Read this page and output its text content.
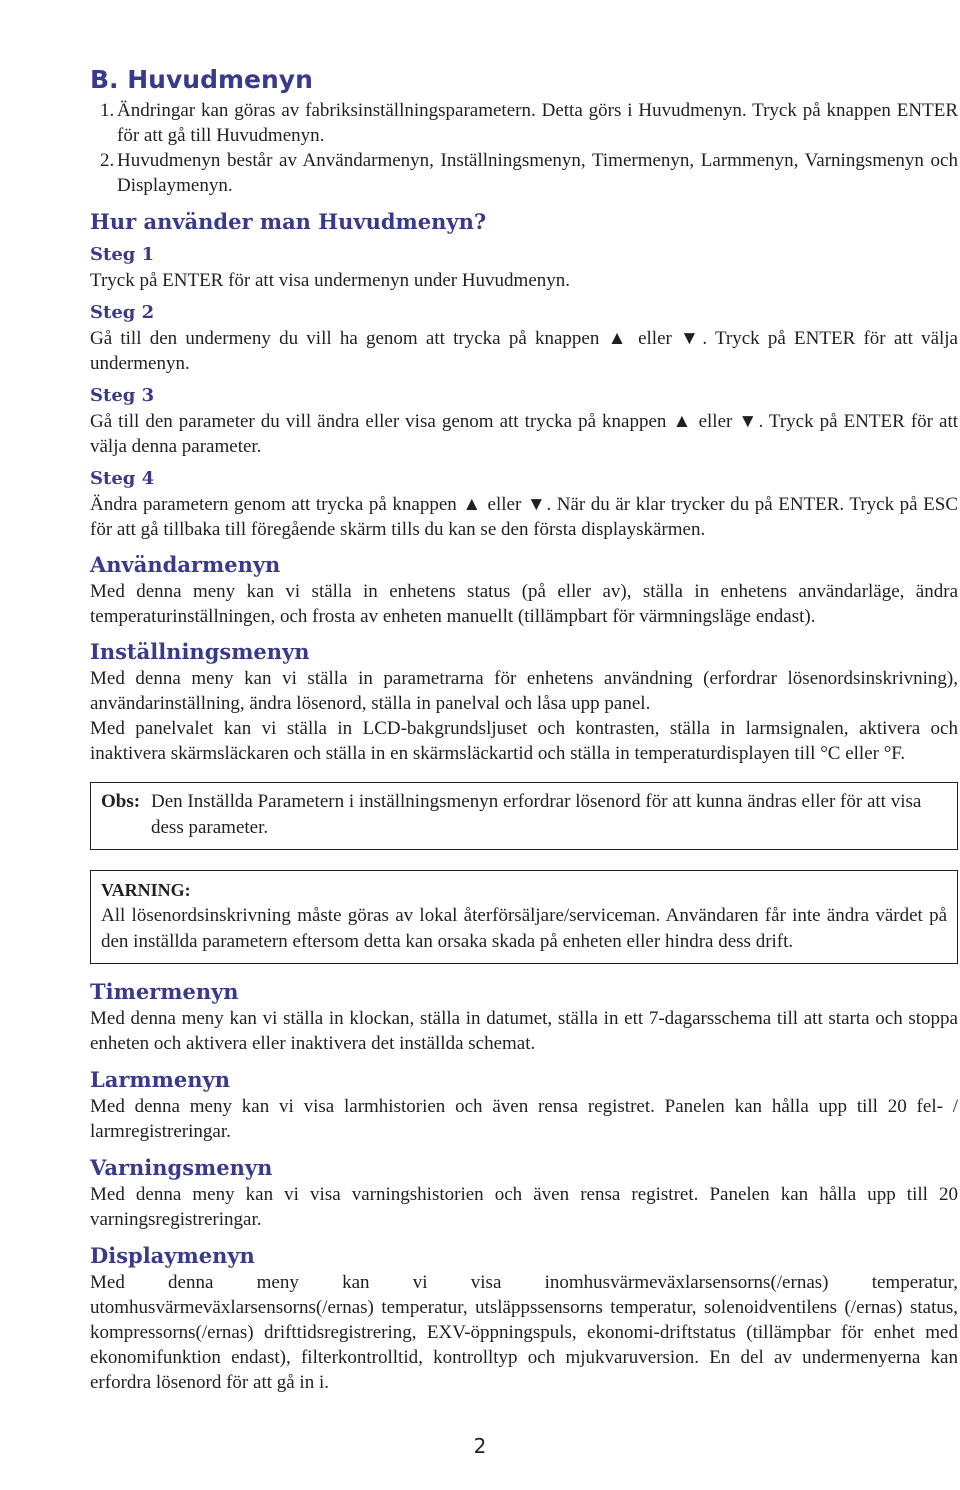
B. Huvudmenyn
1. Ändringar kan göras av fabriksinställningsparametern. Detta görs i Huvudmenyn. Tryck på knappen ENTER för att gå till Huvudmenyn.
2. Huvudmenyn består av Användarmenyn, Inställningsmenyn, Timermenyn, Larmmenyn, Varningsmenyn och Displaymenyn.
Hur använder man Huvudmenyn?
Steg 1

Tryck på ENTER för att visa undermenyn under Huvudmenyn.

Steg 2

Gå till den undermeny du vill ha genom att trycka på knappen ▲ eller ▼. Tryck på ENTER för att välja undermenyn.

Steg 3

Gå till den parameter du vill ändra eller visa genom att trycka på knappen ▲ eller ▼. Tryck på ENTER för att välja denna parameter.

Steg 4

Ändra parametern genom att trycka på knappen ▲ eller ▼. När du är klar trycker du på ENTER. Tryck på ESC för att gå tillbaka till föregående skärm tills du kan se den första displayskärmen.

Användarmenyn

Med denna meny kan vi ställa in enhetens status (på eller av), ställa in enhetens användarläge, ändra temperaturinställningen, och frosta av enheten manuellt (tillämpbart för värmningsläge endast).

Inställningsmenyn

Med denna meny kan vi ställa in parametrarna för enhetens användning (erfordrar lösenordsinskrivning), användarinställning, ändra lösenord, ställa in panelval och låsa upp panel.

Med panelvalet kan vi ställa in LCD-bakgrundsljuset och kontrasten, ställa in larmsignalen, aktivera och inaktivera skärmsläckaren och ställa in en skärmsläckartid och ställa in temperaturdisplayen till °C eller °F.

Obs: Den Inställda Parametern i inställningsmenyn erfordrar lösenord för att kunna ändras eller för att visa dess parameter.

VARNING:

All lösenordsinskrivning måste göras av lokal återförsäljare/serviceman. Användaren får inte ändra värdet på den inställda parametern eftersom detta kan orsaka skada på enheten eller hindra dess drift.

Timermenyn

Med denna meny kan vi ställa in klockan, ställa in datumet, ställa in ett 7-dagarsschema till att starta och stoppa enheten och aktivera eller inaktivera det inställda schemat.

Larmmenyn

Med denna meny kan vi visa larmhistorien och även rensa registret. Panelen kan hålla upp till 20 fel- / larmregistreringar.

Varningsmenyn

Med denna meny kan vi visa varningshistorien och även rensa registret. Panelen kan hålla upp till 20 varningsregistreringar.

Displaymenyn

Med denna meny kan vi visa inomhusvärmeväxlarsensorns(/ernas) temperatur, utomhusvärmeväxlarsensorns(/ernas) temperatur, utsläppssensorns temperatur, solenoidventilens (/ernas) status, kompressorns(/ernas) drifttidsregistrering, EXV-öppningspuls, ekonomi-driftstatus (tillämpbar för enhet med ekonomifunktion endast), filterkontrolltid, kontrolltyp och mjukvaruversion. En del av undermenyerna kan erfordra lösenord för att gå in i.

2
